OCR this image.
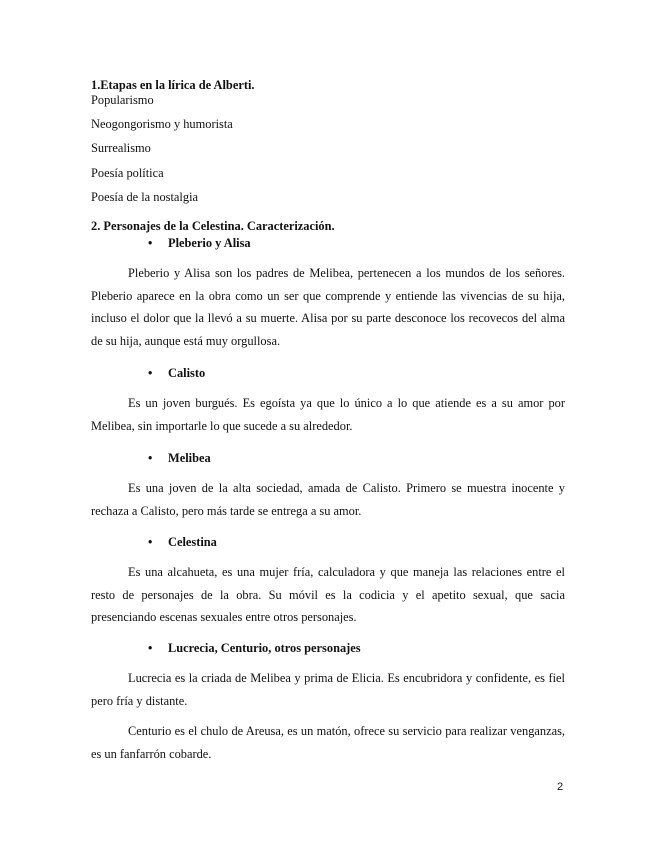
1.Etapas en la lírica de Alberti.

Popularismo

Neogongorismo y humorista

Surrealismo

Poesía política

Poesía de la nostalgia

2. Personajes de la Celestina. Caracterización.

• Pleberio y Alisa

Pleberio y Alisa son los padres de Melibea, pertenecen a los mundos de los señores. Pleberio aparece en la obra como un ser que comprende y entiende las vivencias de su hija, incluso el dolor que la llevó a su muerte. Alisa por su parte desconoce los recovecos del alma de su hija, aunque está muy orgullosa.

• Calisto

Es un joven burgués. Es egoísta ya que lo único a lo que atiende es a su amor por Melibea, sin importarle lo que sucede a su alrededor.

• Melibea

Es una joven de la alta sociedad, amada de Calisto. Primero se muestra inocente y rechaza a Calisto, pero más tarde se entrega a su amor.

• Celestina

Es una alcahueta, es una mujer fría, calculadora y que maneja las relaciones entre el resto de personajes de la obra. Su móvil es la codicia y el apetito sexual, que sacia presenciando escenas sexuales entre otros personajes.

• Lucrecia, Centurio, otros personajes

Lucrecia es la criada de Melibea y prima de Elicia. Es encubridora y confidente, es fiel pero fría y distante.

Centurio es el chulo de Areusa, es un matón, ofrece su servicio para realizar venganzas, es un fanfarrón cobarde.

2
